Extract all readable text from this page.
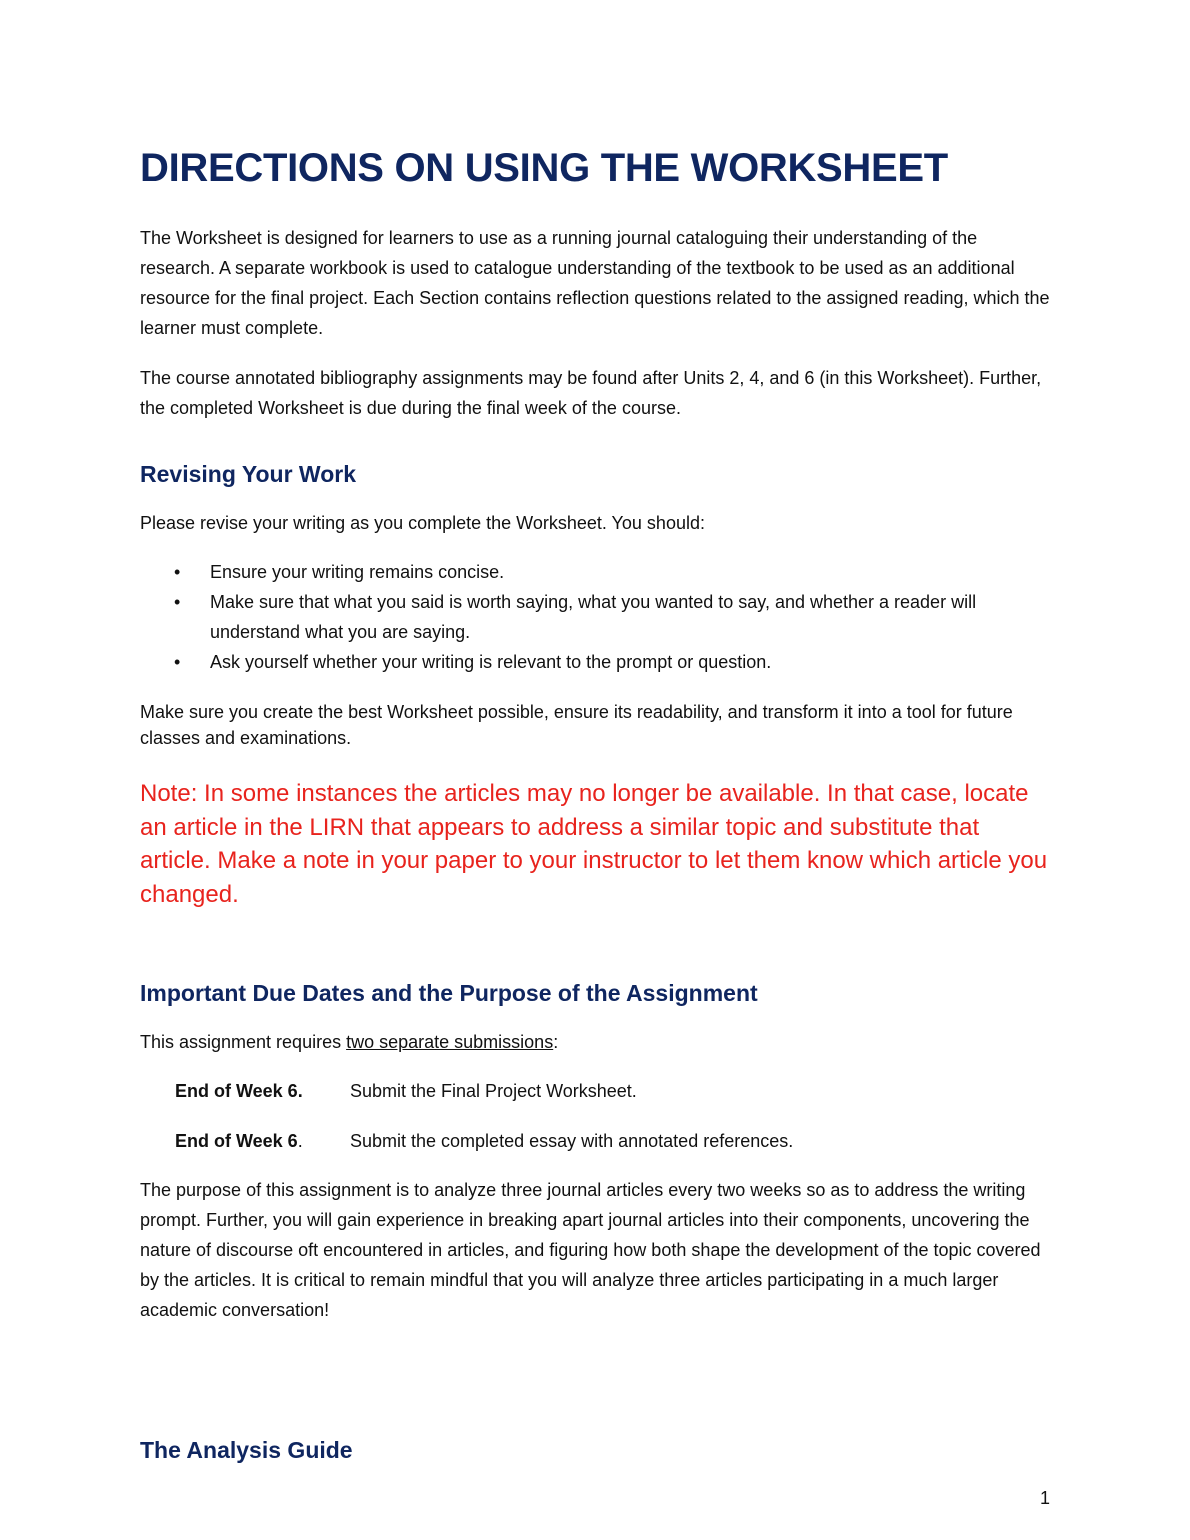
DIRECTIONS ON USING THE WORKSHEET

The Worksheet is designed for learners to use as a running journal cataloguing their understanding of the research. A separate workbook is used to catalogue understanding of the textbook to be used as an additional resource for the final project. Each Section contains reflection questions related to the assigned reading, which the learner must complete.

The course annotated bibliography assignments may be found after Units 2, 4, and 6 (in this Worksheet). Further, the completed Worksheet is due during the final week of the course.

Revising Your Work

Please revise your writing as you complete the Worksheet. You should:

• Ensure your writing remains concise.
• Make sure that what you said is worth saying, what you wanted to say, and whether a reader will understand what you are saying.
• Ask yourself whether your writing is relevant to the prompt or question.

Make sure you create the best Worksheet possible, ensure its readability, and transform it into a tool for future classes and examinations.

Note: In some instances the articles may no longer be available. In that case, locate an article in the LIRN that appears to address a similar topic and substitute that article. Make a note in your paper to your instructor to let them know which article you changed.

Important Due Dates and the Purpose of the Assignment

This assignment requires two separate submissions:

End of Week 6.	Submit the Final Project Worksheet.
End of Week 6.	Submit the completed essay with annotated references.

The purpose of this assignment is to analyze three journal articles every two weeks so as to address the writing prompt. Further, you will gain experience in breaking apart journal articles into their components, uncovering the nature of discourse oft encountered in articles, and figuring how both shape the development of the topic covered by the articles. It is critical to remain mindful that you will analyze three articles participating in a much larger academic conversation!

The Analysis Guide
1
